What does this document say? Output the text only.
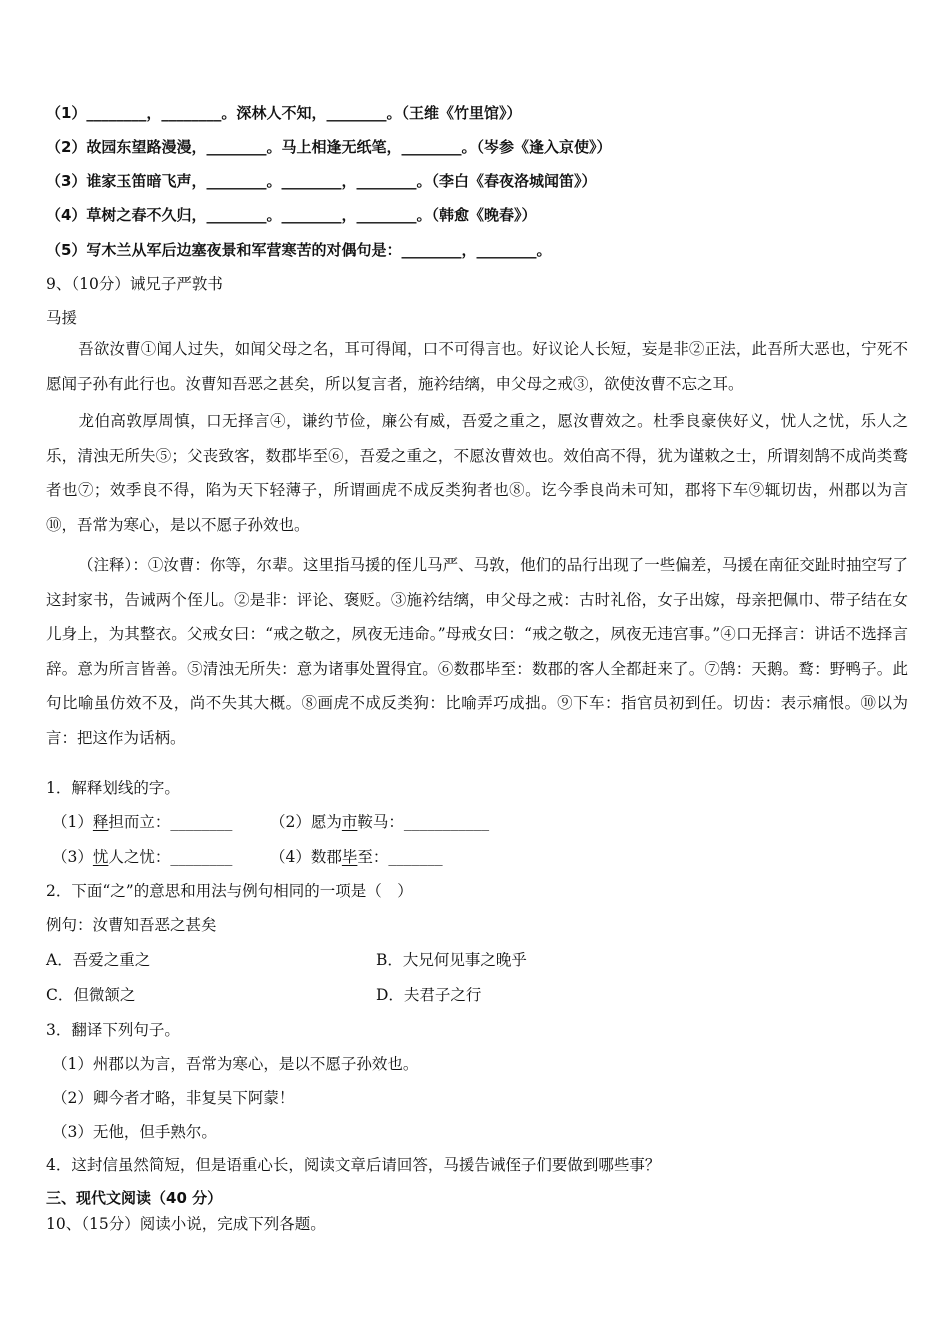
（1）________，________。深林人不知，________。（王维《竹里馆》）
（2）故园东望路漫漫，________。马上相逢无纸笔，________。（岑参《逢入京使》）
（3）谁家玉笛暗飞声，________。________，________。（李白《春夜洛城闻笛》）
（4）草树之春不久归，________。________，________。（韩愈《晚春》）
（5）写木兰从军后边塞夜景和军营寒苦的对偶句是：________，________。
9、（10分）诫兄子严敦书
马援
吾欲汝曹①闻人过失，如闻父母之名，耳可得闻，口不可得言也。好议论人长短，妄是非②正法，此吾所大恶也，宁死不愿闻子孙有此行也。汝曹知吾恶之甚矣，所以复言者，施衿结缡，申父母之戒③，欲使汝曹不忘之耳。
龙伯高敦厚周慎，口无择言④，谦约节俭，廉公有威，吾爱之重之，愿汝曹效之。杜季良豪侠好义，忧人之忧，乐人之乐，清浊无所失⑤；父丧致客，数郡毕至⑥，吾爱之重之，不愿汝曹效也。效伯高不得，犹为谨敕之士，所谓刻鹄不成尚类鹜者也⑦；效季良不得，陷为天下轻薄子，所谓画虎不成反类狗者也⑧。讫今季良尚未可知，郡将下车⑨辄切齿，州郡以为言⑩，吾常为寒心，是以不愿子孙效也。
（注释）：①汝曹：你等，尔辈。这里指马援的侄儿马严、马敦，他们的品行出现了一些偏差，马援在南征交趾时抽空写了这封家书，告诫两个侄儿。②是非：评论、褒贬。③施衿结缡，申父母之戒：古时礼俗，女子出嫁，母亲把佩巾、带子结在女儿身上，为其整衣。父戒女曰：“戒之敬之，夙夜无违命。”母戒女曰：“戒之敬之，夙夜无违宫事。”④口无择言：讲话不选择言辞。意为所言皆善。⑤清浊无所失：意为诸事处置得宜。⑥数郡毕至：数郡的客人全都赶来了。⑦鹄：天鹅。鹜：野鸭子。此句比喻虽仿效不及，尚不失其大概。⑧画虎不成反类狗：比喻弄巧成拙。⑨下车：指官员初到任。切齿：表示痛恨。⑩以为言：把这作为话柄。
1．解释划线的字。
（1）释担而立：________ （2）愿为市鞍马：___________
（3）忧人之忧：________ （4）数郡毕至：_______
2．下面“之”的意思和用法与例句相同的一项是（　）
例句：汝曹知吾恶之甚矣
A．吾爱之重之	B．大兄何见事之晚乎
C．但微颔之	D．夫君子之行
3．翻译下列句子。
（1）州郡以为言，吾常为寒心，是以不愿子孙效也。
（2）卿今者才略，非复吴下阿蒙！
（3）无他，但手熟尔。
4．这封信虽然简短，但是语重心长，阅读文章后请回答，马援告诫侄子们要做到哪些事？
三、现代文阅读（40 分）
10、（15分）阅读小说，完成下列各题。
